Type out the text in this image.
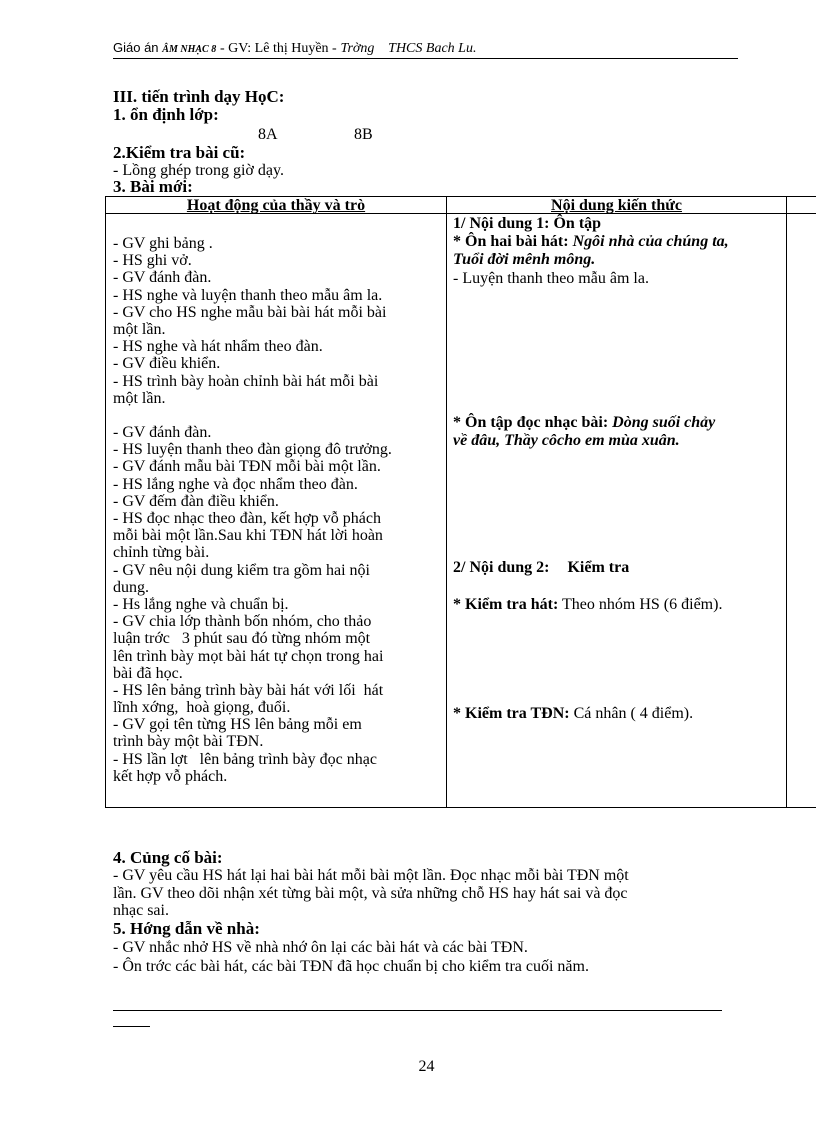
Giáo án ÂM NHẠC 8 - GV: Lê thị Huyền - Trờng THCS Bach Lu.
III. tiến trình dạy HọC:
1. ổn định lớp:
8A	8B
2.Kiểm tra bài cũ:
- Lồng ghép trong giờ dạy.
3. Bài mới:
Hoạt động của thầy và trò	Nội dung kiến thức
- GV ghi bảng .
- HS ghi vở.
- GV đánh đàn.
- HS nghe và luyện thanh theo mẫu âm la.
- GV cho HS nghe mẫu bài bài hát mỗi bài
một lần.
- HS nghe và hát nhẩm theo đàn.
- GV điều khiển.
- HS trình bày hoàn chỉnh bài hát mỗi bài
một lần.
- GV đánh đàn.
- HS luyện thanh theo đàn giọng đô trưởng.
- GV đánh mẫu bài TĐN mỗi bài một lần.
- HS lắng nghe và đọc nhẩm theo đàn.
- GV đếm đàn điều khiển.
- HS đọc nhạc theo đàn, kết hợp vỗ phách
mỗi bài một lần.Sau khi TĐN hát lời hoàn
chỉnh từng bài.
- GV nêu nội dung kiểm tra gồm hai nội
dung.
- Hs lắng nghe và chuẩn bị.
- GV chia lớp thành bốn nhóm, cho thảo
luận trớc   3 phút sau đó từng nhóm một
lên trình bày mọt bài hát tự chọn trong hai
bài đã học.
- HS lên bảng trình bày bài hát với lối  hát
lĩnh xớng,  hoà giọng, đuổi.
- GV gọi tên từng HS lên bảng mỗi em
trình bày một bài TĐN.
- HS lần lợt   lên bảng trình bày đọc nhạc
kết hợp vỗ phách.
1/ Nội dung 1: Ôn tập
* Ôn hai bài hát: Ngôi nhà của chúng ta,
Tuổi đời mênh mông.
- Luyện thanh theo mẫu âm la.
* Ôn tập đọc nhạc bài: Dòng suối chảy
về đâu, Thầy côcho em mùa xuân.
2/ Nội dung 2: Kiểm tra
* Kiểm tra hát: Theo nhóm HS (6 điểm).
* Kiểm tra TĐN: Cá nhân ( 4 điểm).
4. Củng cố bài:
- GV yêu cầu HS hát lại hai bài hát mỗi bài một lần. Đọc nhạc mỗi bài TĐN một
lần. GV theo dõi nhận xét từng bài một, và sửa những chỗ HS hay hát sai và đọc
nhạc sai.
5. Hớng dẫn về nhà:
- GV nhắc nhở HS về nhà nhớ ôn lại các bài hát và các bài TĐN.
- Ôn trớc các bài hát, các bài TĐN đã học chuẩn bị cho kiểm tra cuối năm.
24
